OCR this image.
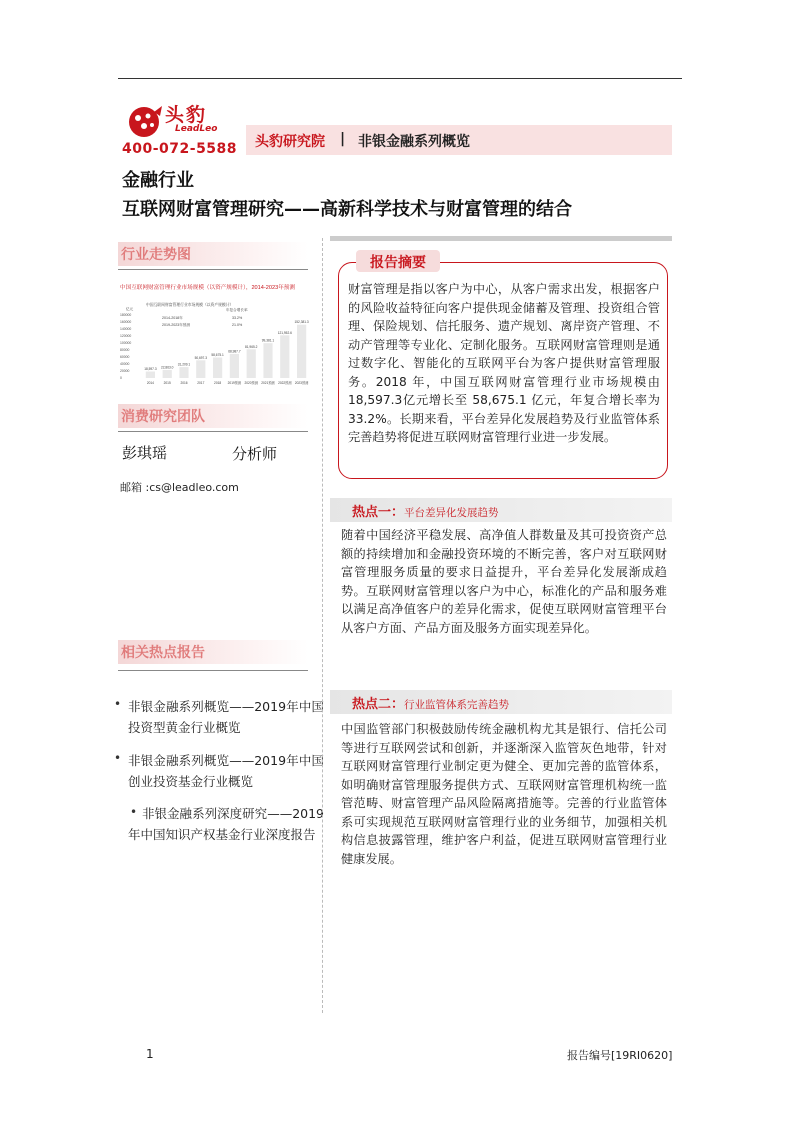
头豹
LeadLeo
400-072-5588 头豹研究院 | 非银金融系列概览
金融行业
互联网财富管理研究——高新科学技术与财富管理的结合
行业走势图
中国互联网财富管理行业市场规模（以资产规模计），2014-2023年预测
中国互联网财富管理行业市场规模（以资产规模计）
亿元	年复合增长率
2014-2018年	33.2%
2019-2023年预测	21.0%
180000
160000
140000
120000
100000
80000
60000
40000
20000
0
18,597.3
2014
22,863.0
2015
31,209.1
2016
50,697.3
2017
58,675.1
2018
68,987.7
2019预测
81,965.2
2020预测
99,381.1
2021预测
121,952.6
2022预测
152,381.3
2023预测
消费研究团队
彭琪瑶	分析师
邮箱 :cs@leadleo.com
相关热点报告
• 非银金融系列概览——2019年中国投资型黄金行业概览
• 非银金融系列概览——2019年中国创业投资基金行业概览
• 非银金融系列深度研究——2019 年中国知识产权基金行业深度报告
报告摘要
财富管理是指以客户为中心，从客户需求出发，根据客户的风险收益特征向客户提供现金储蓄及管理、投资组合管理、保险规划、信托服务、遗产规划、离岸资产管理、不动产管理等专业化、定制化服务。互联网财富管理则是通过数字化、智能化的互联网平台为客户提供财富管理服务。2018 年，中国互联网财富管理行业市场规模由18,597.3亿元增长至 58,675.1 亿元，年复合增长率为 33.2%。长期来看，平台差异化发展趋势及行业监管体系完善趋势将促进互联网财富管理行业进一步发展。
热点一：平台差异化发展趋势
随着中国经济平稳发展、高净值人群数量及其可投资资产总额的持续增加和金融投资环境的不断完善，客户对互联网财富管理服务质量的要求日益提升，平台差异化发展渐成趋势。互联网财富管理以客户为中心，标准化的产品和服务难以满足高净值客户的差异化需求，促使互联网财富管理平台从客户方面、产品方面及服务方面实现差异化。
热点二：行业监管体系完善趋势
中国监管部门积极鼓励传统金融机构尤其是银行、信托公司等进行互联网尝试和创新，并逐渐深入监管灰色地带，针对互联网财富管理行业制定更为健全、更加完善的监管体系，如明确财富管理服务提供方式、互联网财富管理机构统一监管范畴、财富管理产品风险隔离措施等。完善的行业监管体系可实现规范互联网财富管理行业的业务细节，加强相关机构信息披露管理，维护客户利益，促进互联网财富管理行业健康发展。
1	报告编号[19RI0620]
